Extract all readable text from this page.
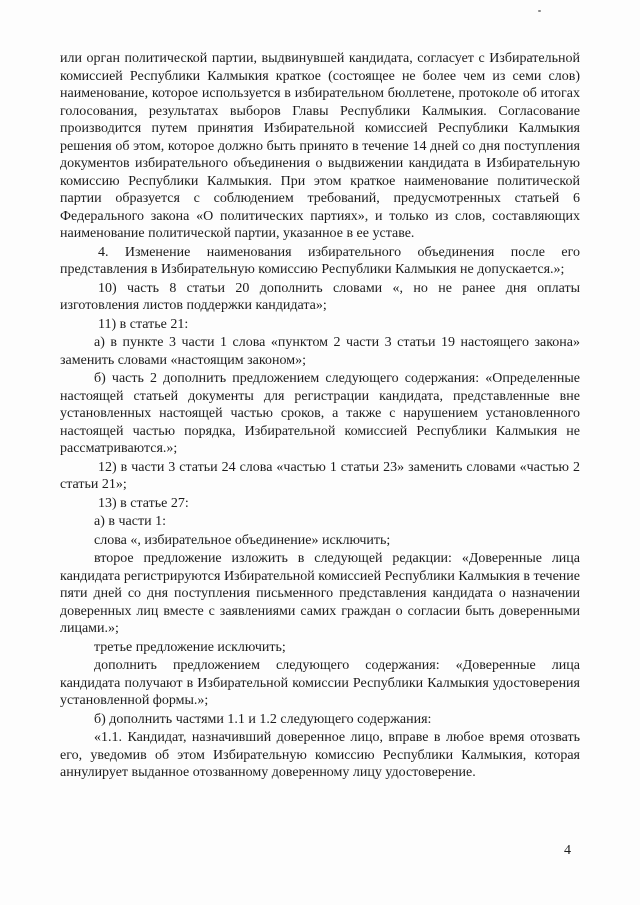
или орган политической партии, выдвинувшей кандидата, согласует с Избирательной комиссией Республики Калмыкия краткое (состоящее не более чем из семи слов) наименование, которое используется в избирательном бюллетене, протоколе об итогах голосования, результатах выборов Главы Республики Калмыкия. Согласование производится путем принятия Избирательной комиссией Республики Калмыкия решения об этом, которое должно быть принято в течение 14 дней со дня поступления документов избирательного объединения о выдвижении кандидата в Избирательную комиссию Республики Калмыкия. При этом краткое наименование политической партии образуется с соблюдением требований, предусмотренных статьей 6 Федерального закона «О политических партиях», и только из слов, составляющих наименование политической партии, указанное в ее уставе.

4. Изменение наименования избирательного объединения после его представления в Избирательную комиссию Республики Калмыкия не допускается.»;

10) часть 8 статьи 20 дополнить словами «, но не ранее дня оплаты изготовления листов поддержки кандидата»;

11) в статье 21:

а) в пункте 3 части 1 слова «пунктом 2 части 3 статьи 19 настоящего закона» заменить словами «настоящим законом»;

б) часть 2 дополнить предложением следующего содержания: «Определенные настоящей статьей документы для регистрации кандидата, представленные вне установленных настоящей частью сроков, а также с нарушением установленного настоящей частью порядка, Избирательной комиссией Республики Калмыкия не рассматриваются.»;

12) в части 3 статьи 24 слова «частью 1 статьи 23» заменить словами «частью 2 статьи 21»;

13) в статье 27:

а) в части 1:

слова «, избирательное объединение» исключить;

второе предложение изложить в следующей редакции: «Доверенные лица кандидата регистрируются Избирательной комиссией Республики Калмыкия в течение пяти дней со дня поступления письменного представления кандидата о назначении доверенных лиц вместе с заявлениями самих граждан о согласии быть доверенными лицами.»;

третье предложение исключить;

дополнить предложением следующего содержания: «Доверенные лица кандидата получают в Избирательной комиссии Республики Калмыкия удостоверения установленной формы.»;

б) дополнить частями 1.1 и 1.2 следующего содержания:

«1.1. Кандидат, назначивший доверенное лицо, вправе в любое время отозвать его, уведомив об этом Избирательную комиссию Республики Калмыкия, которая аннулирует выданное отозванному доверенному лицу удостоверение.

4
